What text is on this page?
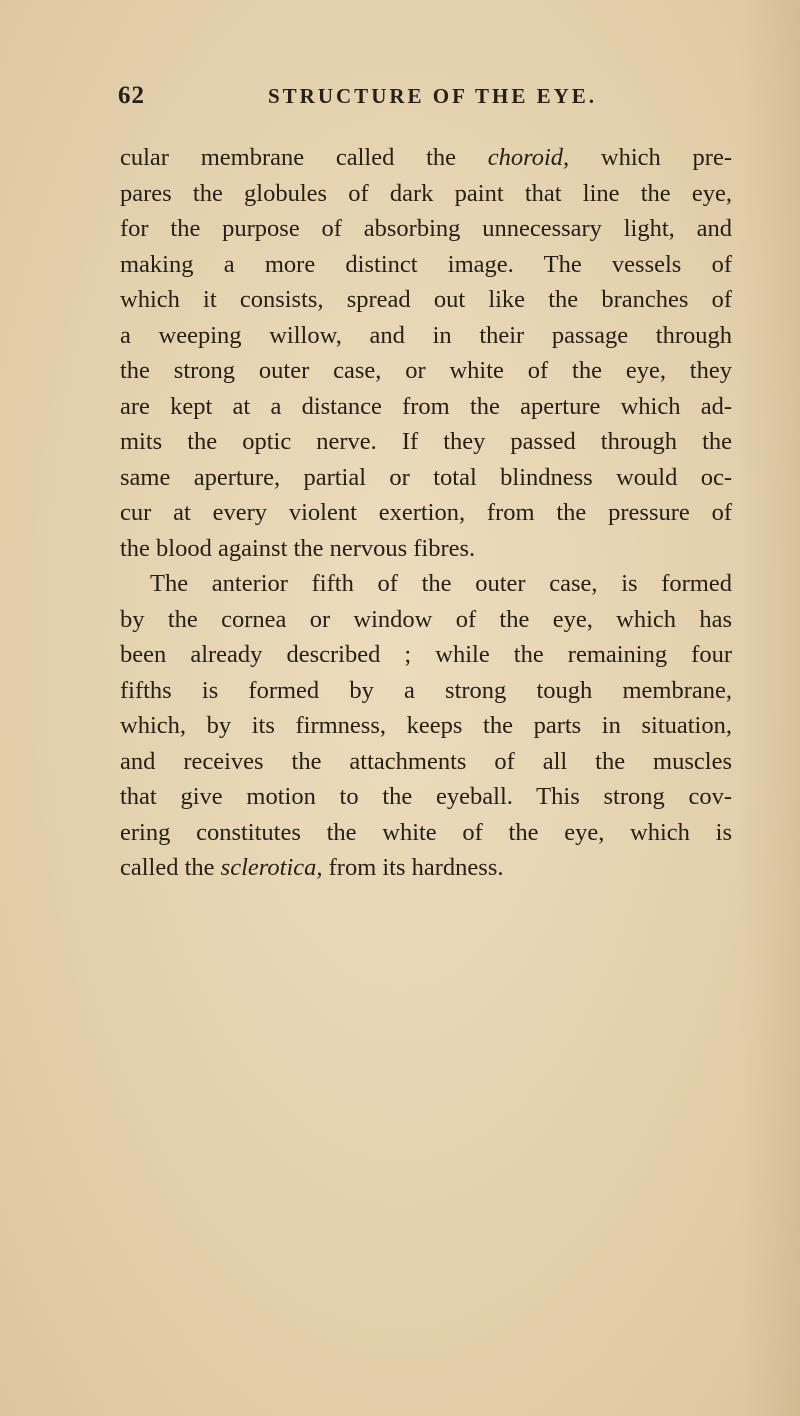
62	STRUCTURE OF THE EYE.
cular membrane called the choroid, which pre-
pares the globules of dark paint that line the eye,
for the purpose of absorbing unnecessary light, and
making a more distinct image. The vessels of
which it consists, spread out like the branches of
a weeping willow, and in their passage through
the strong outer case, or white of the eye, they
are kept at a distance from the aperture which ad-
mits the optic nerve. If they passed through the
same aperture, partial or total blindness would oc-
cur at every violent exertion, from the pressure of
the blood against the nervous fibres.
The anterior fifth of the outer case, is formed
by the cornea or window of the eye, which has
been already described ; while the remaining four
fifths is formed by a strong tough membrane,
which, by its firmness, keeps the parts in situation,
and receives the attachments of all the muscles
that give motion to the eyeball. This strong cov-
ering constitutes the white of the eye, which is
called the sclerotica, from its hardness.
